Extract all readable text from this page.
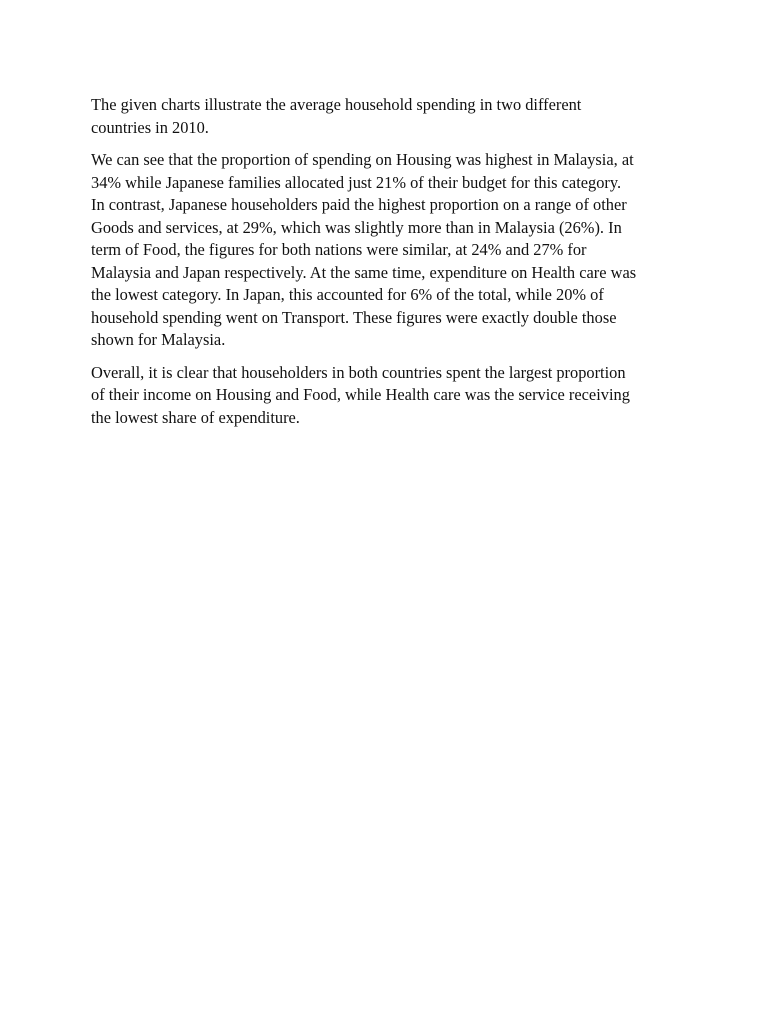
The given charts illustrate the average household spending in two different
countries in 2010.

We can see that the proportion of spending on Housing was highest in Malaysia, at
34% while Japanese families allocated just 21% of their budget for this category.
In contrast, Japanese householders paid the highest proportion on a range of other
Goods and services, at 29%, which was slightly more than in Malaysia (26%). In
term of Food, the figures for both nations were similar, at 24% and 27% for
Malaysia and Japan respectively. At the same time, expenditure on Health care was
the lowest category. In Japan, this accounted for 6% of the total, while 20% of
household spending went on Transport. These figures were exactly double those
shown for Malaysia.

Overall, it is clear that householders in both countries spent the largest proportion
of their income on Housing and Food, while Health care was the service receiving
the lowest share of expenditure.
